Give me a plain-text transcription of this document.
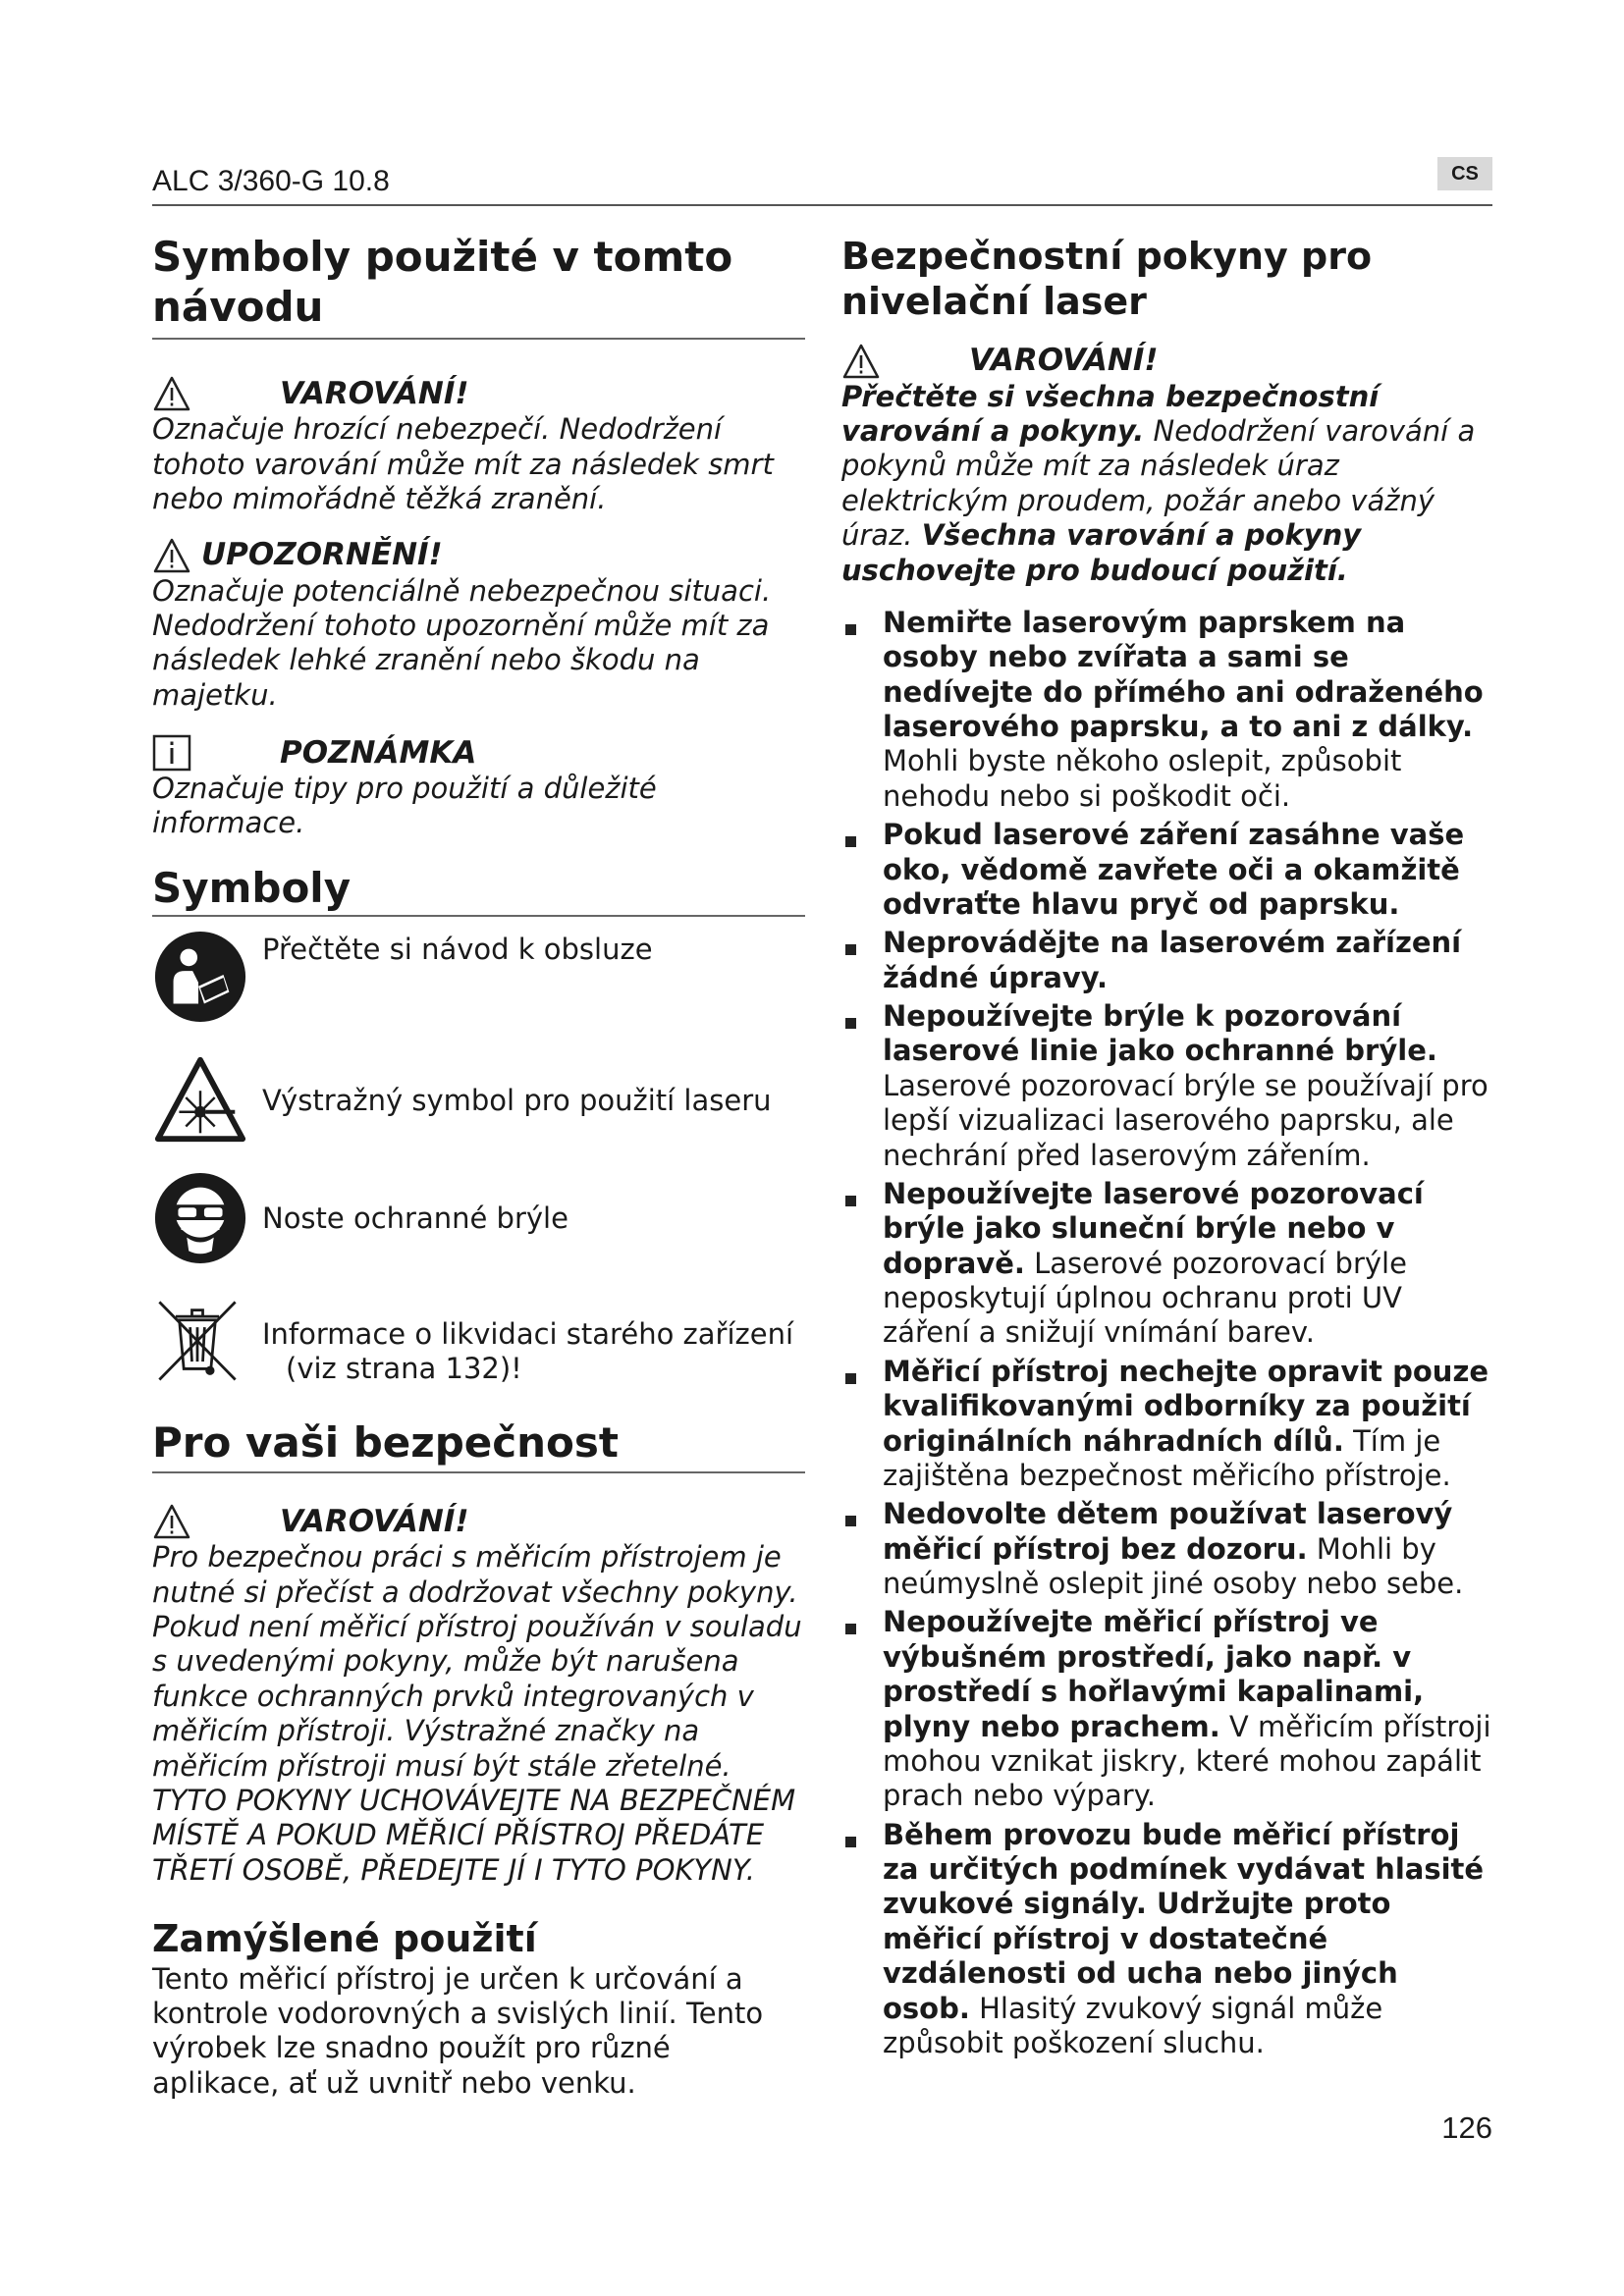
ALC 3/360-G 10.8	CS
Symboly použité v tomto návodu
VAROVÁNÍ!

Označuje hrozící nebezpečí. Nedodržení tohoto varování může mít za následek smrt nebo mimořádně těžká zranění.

UPOZORNĚNÍ!

Označuje potenciálně nebezpečnou situaci. Nedodržení tohoto upozornění může mít za následek lehké zranění nebo škodu na majetku.

POZNÁMKA

Označuje tipy pro použití a důležité informace.

Symboly
Přečtěte si návod k obsluze
Výstražný symbol pro použití laseru
Noste ochranné brýle
Informace o likvidaci starého zařízení
(viz strana 132)!
Pro vaši bezpečnost
VAROVÁNÍ!

Pro bezpečnou práci s měřicím přístrojem je nutné si přečíst a dodržovat všechny pokyny. Pokud není měřicí přístroj používán v souladu s uvedenými pokyny, může být narušena funkce ochranných prvků integrovaných v měřicím přístroji. Výstražné značky na měřicím přístroji musí být stále zřetelné. TYTO POKYNY UCHOVÁVEJTE NA BEZPEČNÉM MÍSTĚ A POKUD MĚŘICÍ PŘÍSTROJ PŘEDÁTE TŘETÍ OSOBĚ, PŘEDEJTE JÍ I TYTO POKYNY.

Zamýšlené použití

Tento měřicí přístroj je určen k určování a kontrole vodorovných a svislých linií. Tento výrobek lze snadno použít pro různé aplikace, ať už uvnitř nebo venku.

Bezpečnostní pokyny pro nivelační laser
VAROVÁNÍ!

Přečtěte si všechna bezpečnostní varování a pokyny. Nedodržení varování a pokynů může mít za následek úraz elektrickým proudem, požár anebo vážný úraz. Všechna varování a pokyny uschovejte pro budoucí použití.

Nemiřte laserovým paprskem na osoby nebo zvířata a sami se nedívejte do přímého ani odraženého laserového paprsku, a to ani z dálky. Mohli byste někoho oslepit, způsobit nehodu nebo si poškodit oči.
Pokud laserové záření zasáhne vaše oko, vědomě zavřete oči a okamžitě odvraťte hlavu pryč od paprsku.
Neprovádějte na laserovém zařízení žádné úpravy.
Nepoužívejte brýle k pozorování laserové linie jako ochranné brýle. Laserové pozorovací brýle se používají pro lepší vizualizaci laserového paprsku, ale nechrání před laserovým zářením.
Nepoužívejte laserové pozorovací brýle jako sluneční brýle nebo v dopravě. Laserové pozorovací brýle neposkytují úplnou ochranu proti UV záření a snižují vnímání barev.
Měřicí přístroj nechejte opravit pouze kvalifikovanými odborníky za použití originálních náhradních dílů. Tím je zajištěna bezpečnost měřicího přístroje.
Nedovolte dětem používat laserový měřicí přístroj bez dozoru. Mohli by neúmyslně oslepit jiné osoby nebo sebe.
Nepoužívejte měřicí přístroj ve výbušném prostředí, jako např. v prostředí s hořlavými kapalinami, plyny nebo prachem. V měřicím přístroji mohou vznikat jiskry, které mohou zapálit prach nebo výpary.
Během provozu bude měřicí přístroj za určitých podmínek vydávat hlasité zvukové signály. Udržujte proto měřicí přístroj v dostatečné vzdálenosti od ucha nebo jiných osob. Hlasitý zvukový signál může způsobit poškození sluchu.
126
